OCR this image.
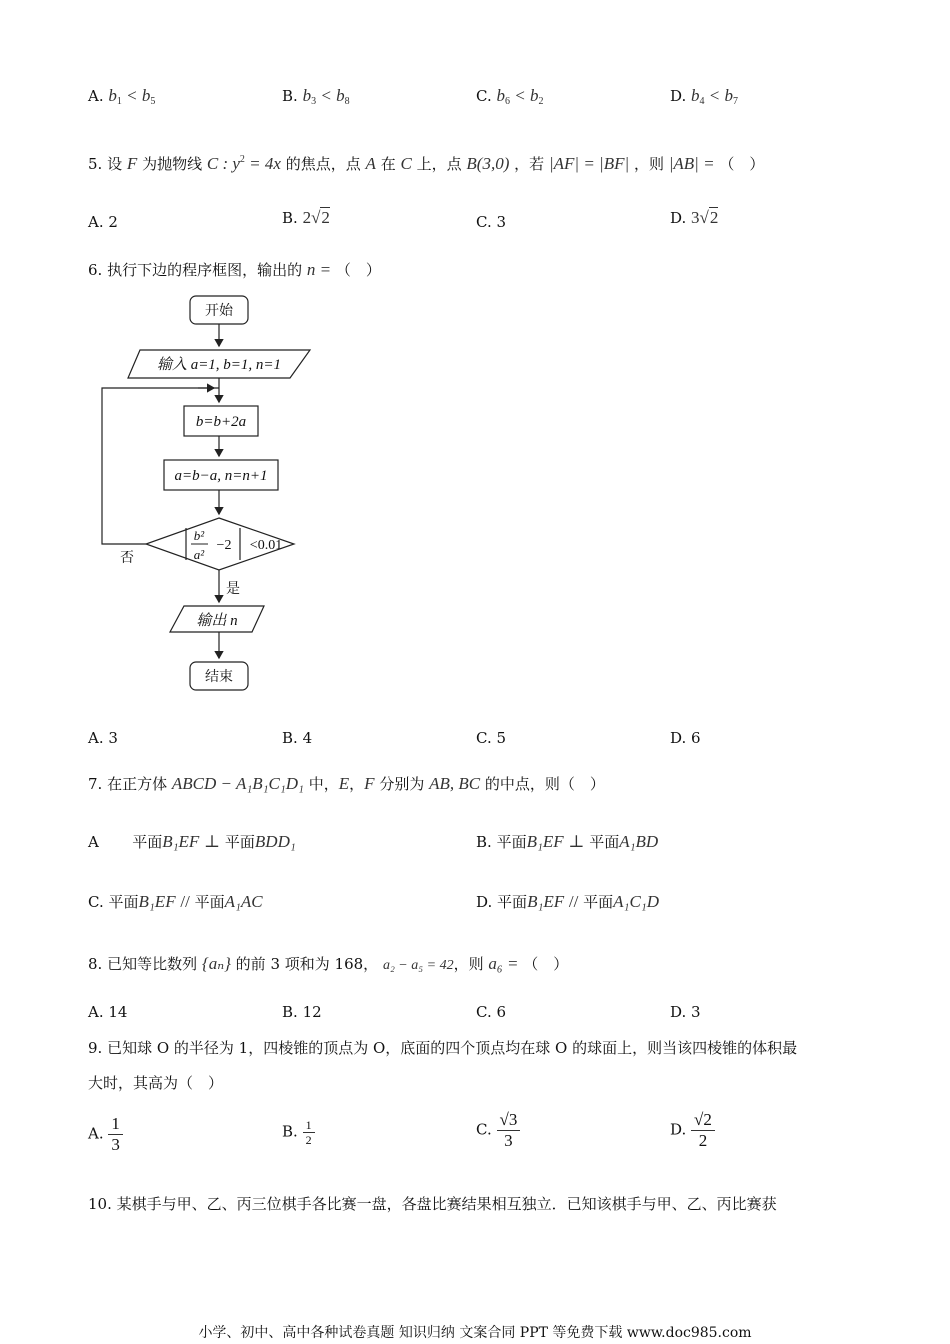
A. $b_1 < b_5$	B. $b_3 < b_8$	C. $b_6 < b_2$	D. $b_4 < b_7$
5. 设 F 为抛物线 C : $y^2 = 4x$ 的焦点，点 A 在 C 上，点 B(3,0) ，若 |AF| = |BF| ，则 |AB| = （　）
A. 2	B. 2√2	C. 3	D. 3√2
6. 执行下边的程序框图，输出的 n = （　）
开始
输入 a=1, b=1, n=1
b=b+2a
a=b−a, n=n+1
b²
a²
−2 <0.01
否
是
输出 n
结束
A. 3	B. 4	C. 5	D. 6
7. 在正方体 ABCD − A₁B₁C₁D₁ 中，E，F 分别为 AB, BC 的中点，则（　）
A 平面B₁EF ⊥ 平面BDD₁	B. 平面B₁EF ⊥ 平面A₁BD
C. 平面B₁EF // 平面A₁AC	D. 平面B₁EF // 平面A₁C₁D
8. 已知等比数列 {aₙ} 的前 3 项和为 168， a₂ − a₅ = 42，则 a₆ = （　）
A. 14	B. 12	C. 6	D. 3
9. 已知球 O 的半径为 1，四棱锥的顶点为 O，底面的四个顶点均在球 O 的球面上，则当该四棱锥的体积最
大时，其高为（　）
A. $\frac{1}{3}$	B. $\frac{1}{2}$	C. $\frac{√3}{3}$	D. $\frac{√2}{2}$
10. 某棋手与甲、乙、丙三位棋手各比赛一盘，各盘比赛结果相互独立．已知该棋手与甲、乙、丙比赛获
小学、初中、高中各种试卷真题 知识归纳 文案合同 PPT 等免费下载 www.doc985.com
